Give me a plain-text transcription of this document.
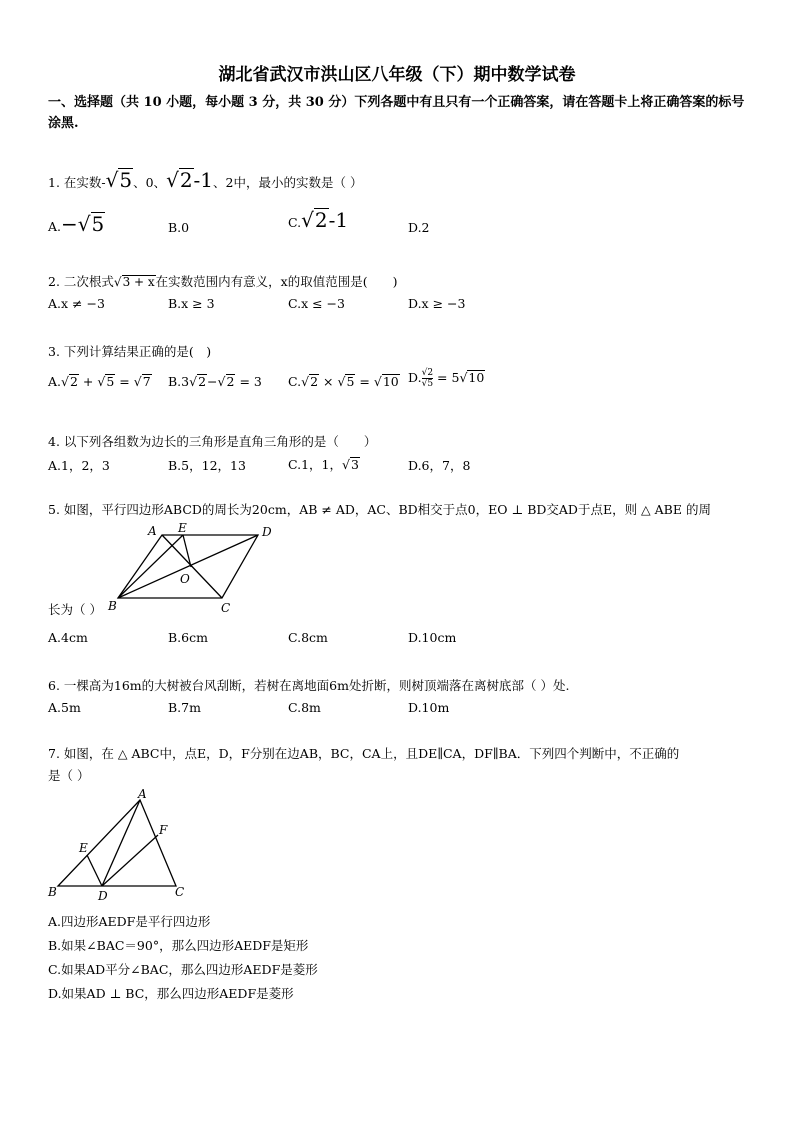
湖北省武汉市洪山区八年级（下）期中数学试卷
一、选择题（共 10 小题，每小题 3 分，共 30 分）下列各题中有且只有一个正确答案，请在答题卡上将正确答案的标号涂黑.
1. 在实数-√5、0、√2-1、2中，最小的实数是（ ）
A.−√5	B.0	C.√2-1	D.2
2. 二次根式√3 + x在实数范围内有意义，x的取值范围是(　　)
A.x ≠ −3	B.x ≥ 3	C.x ≤ −3	D.x ≥ −3
3. 下列计算结果正确的是(　)
A.√2 + √5 = √7 B.3√2−√2 = 3 C.√2 × √5 = √10 D. $\frac{√2}{√5} = 5√10$
4. 以下列各组数为边长的三角形是直角三角形的是（　　）
A.1，2，3	B.5，12，13	C.1，1，√3	D.6，7，8
5. 如图，平行四边形ABCD的周长为20cm，AB ≠ AD，AC、BD相交于点0，EO ⊥ BD交AD于点E，则 △ ABE 的周
A E	D
O
B	C
长为（ ）
A.4cm	B.6cm	C.8cm	D.10cm
6. 一棵高为16m的大树被台风刮断，若树在离地面6m处折断，则树顶端落在离树底部（ ）处.
A.5m	B.7m	C.8m	D.10m
7. 如图，在 △ ABC中，点E，D，F分别在边AB，BC，CA上，且DE∥CA，DF∥BA．下列四个判断中，不正确的
是（ ）
A
F
E
B	D	C
A.四边形AEDF是平行四边形
B.如果∠BAC＝90°，那么四边形AEDF是矩形
C.如果AD平分∠BAC，那么四边形AEDF是菱形
D.如果AD ⊥ BC，那么四边形AEDF是菱形
